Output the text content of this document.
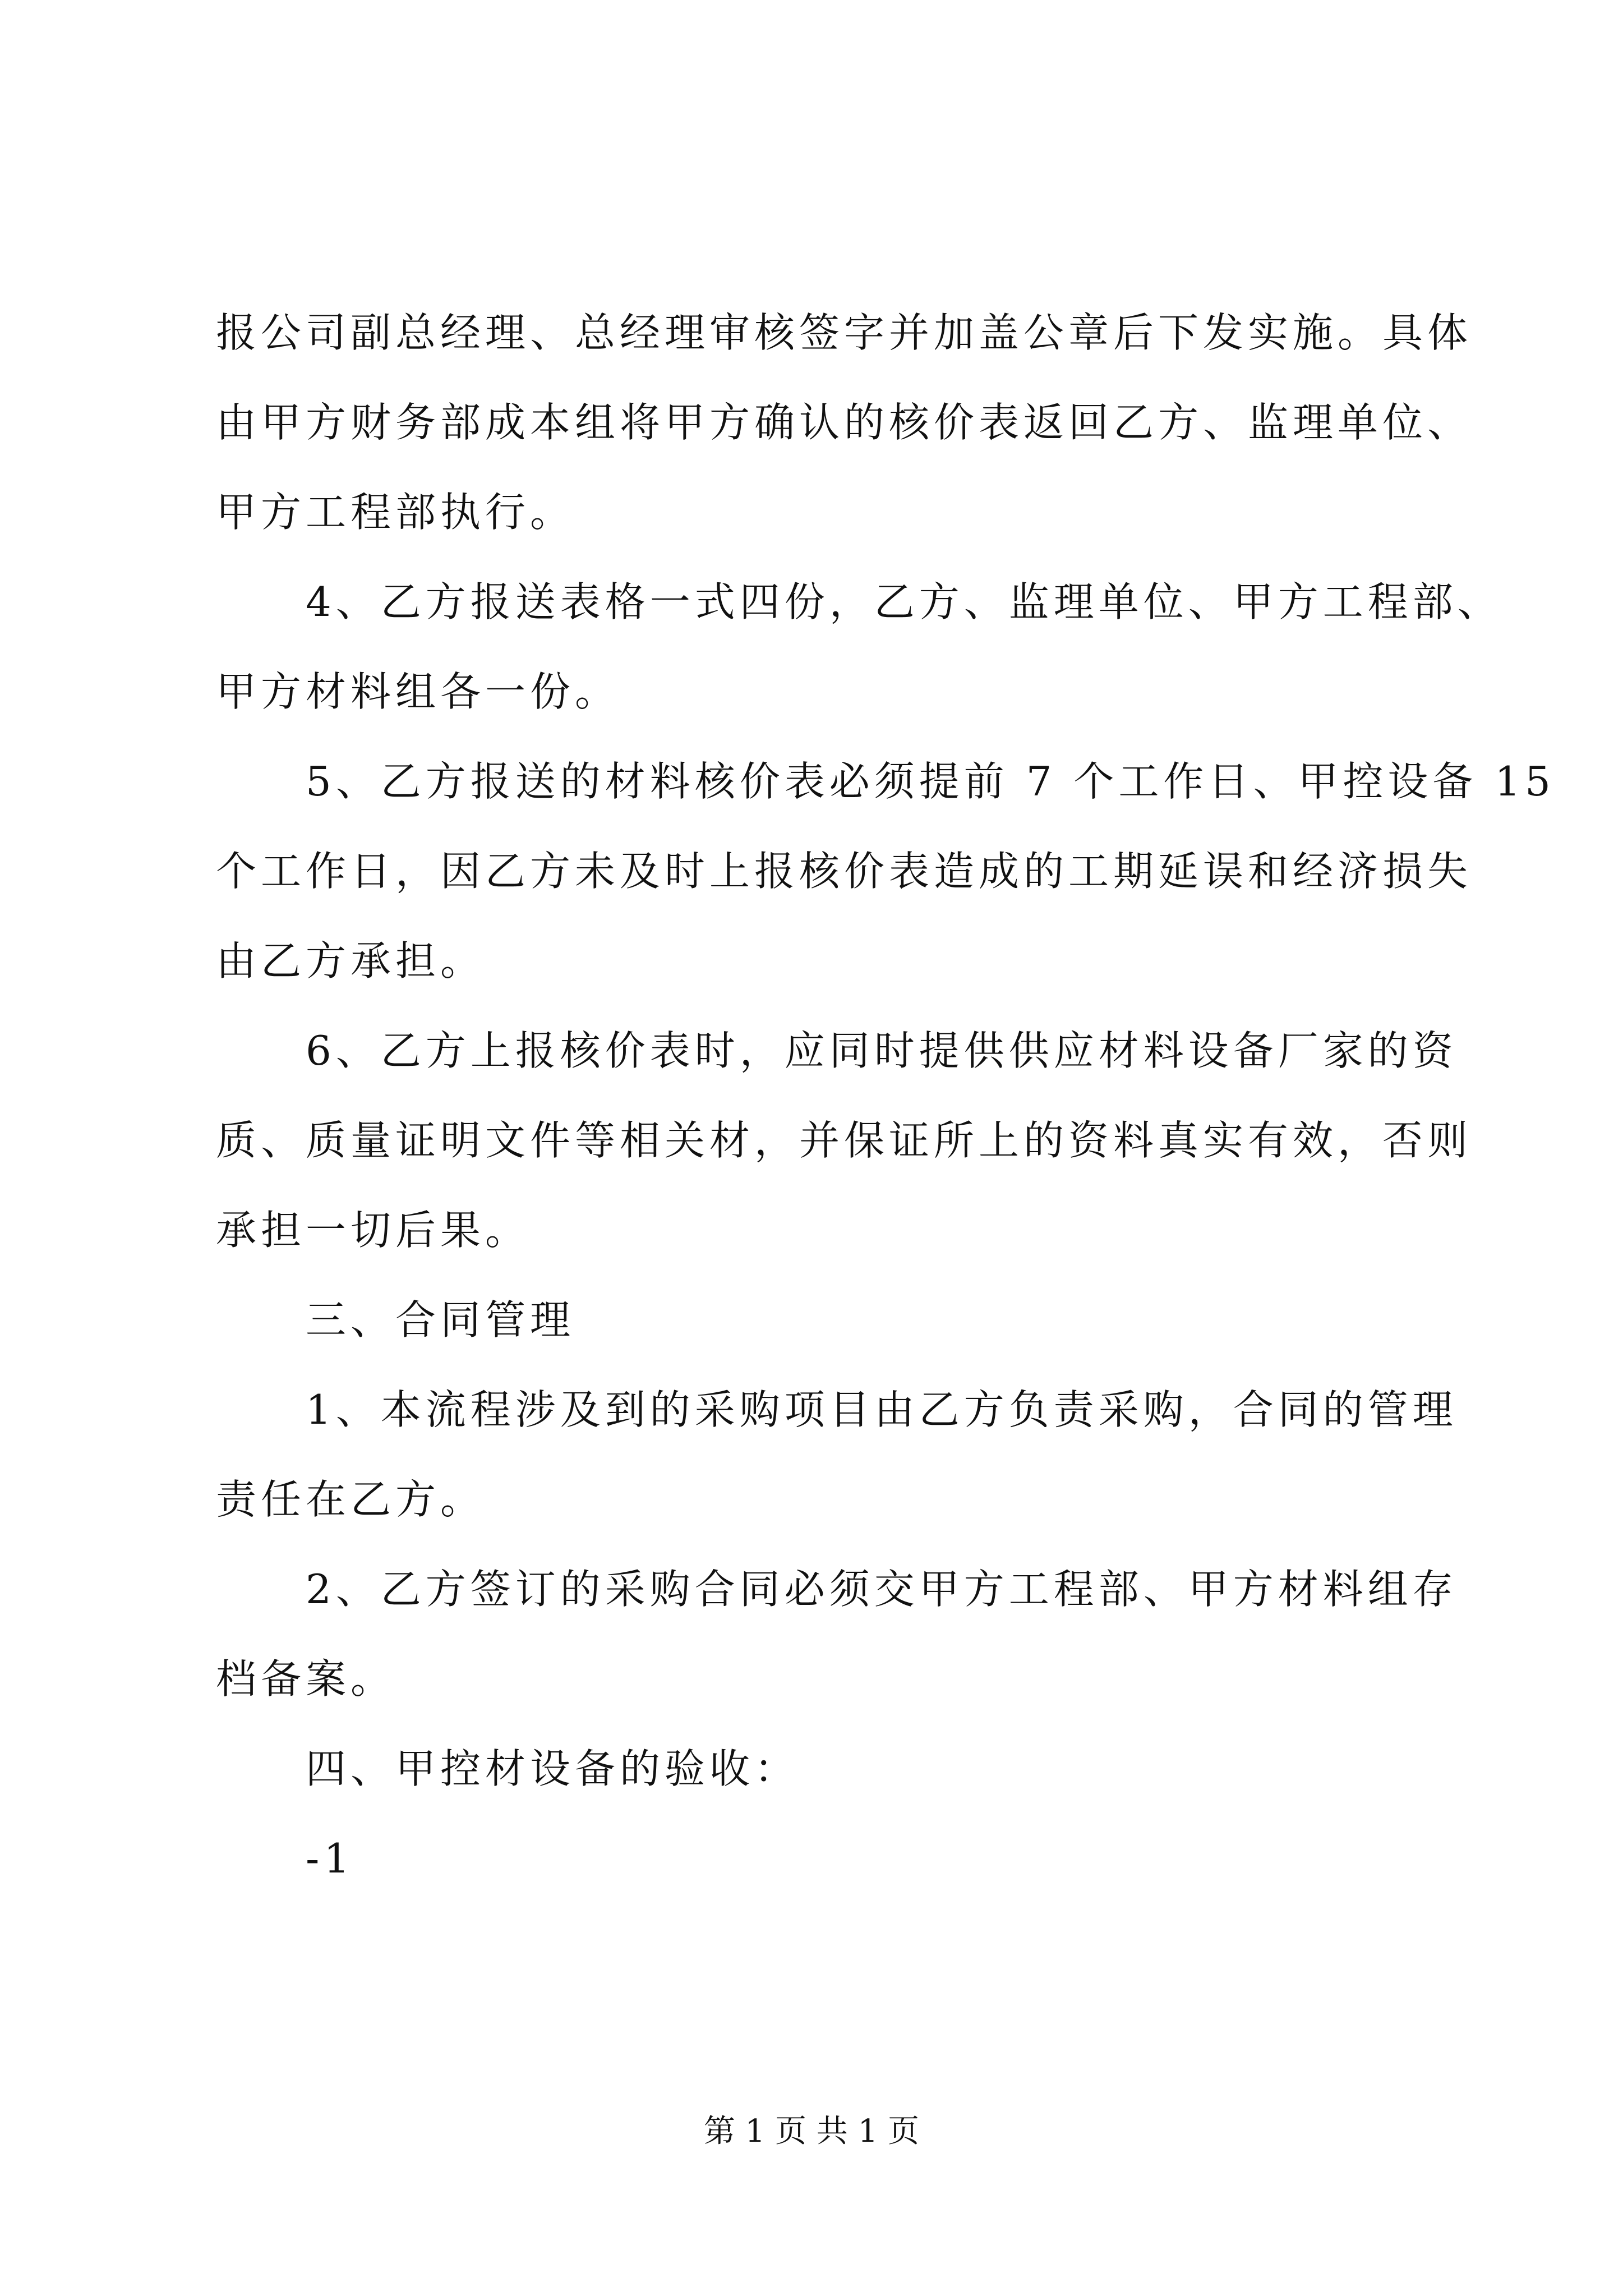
报公司副总经理、总经理审核签字并加盖公章后下发实施。具体
由甲方财务部成本组将甲方确认的核价表返回乙方、监理单位、
甲方工程部执行。
4、乙方报送表格一式四份，乙方、监理单位、甲方工程部、
甲方材料组各一份。
5、乙方报送的材料核价表必须提前 7 个工作日、甲控设备 15
个工作日，因乙方未及时上报核价表造成的工期延误和经济损失
由乙方承担。
6、乙方上报核价表时，应同时提供供应材料设备厂家的资
质、质量证明文件等相关材，并保证所上的资料真实有效，否则
承担一切后果。
三、合同管理
1、本流程涉及到的采购项目由乙方负责采购，合同的管理
责任在乙方。
2、乙方签订的采购合同必须交甲方工程部、甲方材料组存
档备案。
四、甲控材设备的验收：
-1
第 1 页 共 1 页
